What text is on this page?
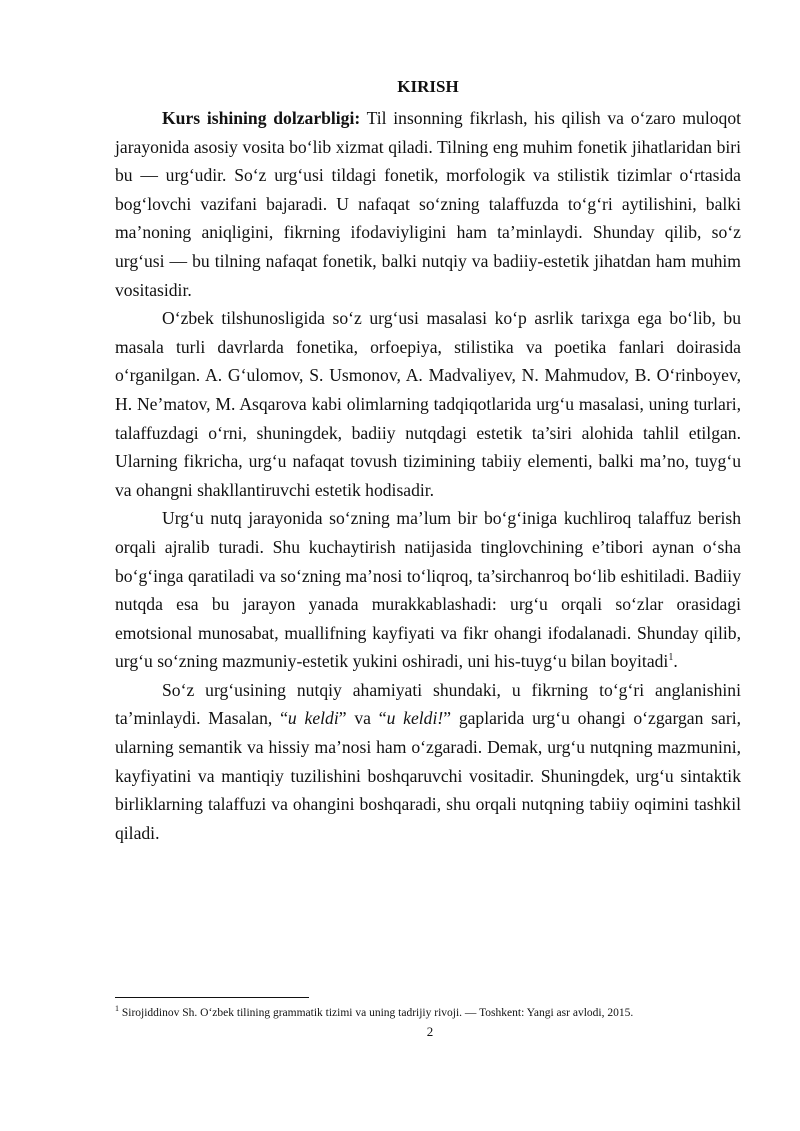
KIRISH

Kurs ishining dolzarbligi: Til insonning fikrlash, his qilish va o‘zaro muloqot jarayonida asosiy vosita bo‘lib xizmat qiladi. Tilning eng muhim fonetik jihatlaridan biri bu — urg‘udir. So‘z urg‘usi tildagi fonetik, morfologik va stilistik tizimlar o‘rtasida bog‘lovchi vazifani bajaradi. U nafaqat so‘zning talaffuzda to‘g‘ri aytilishini, balki ma’noning aniqligini, fikrning ifodaviyligini ham ta’minlaydi. Shunday qilib, so‘z urg‘usi — bu tilning nafaqat fonetik, balki nutqiy va badiiy-estetik jihatdan ham muhim vositasidir.

O‘zbek tilshunosligida so‘z urg‘usi masalasi ko‘p asrlik tarixga ega bo‘lib, bu masala turli davrlarda fonetika, orfoepiya, stilistika va poetika fanlari doirasida o‘rganilgan. A. G‘ulomov, S. Usmonov, A. Madvaliyev, N. Mahmudov, B. O‘rinboyev, H. Ne’matov, M. Asqarova kabi olimlarning tadqiqotlarida urg‘u masalasi, uning turlari, talaffuzdagi o‘rni, shuningdek, badiiy nutqdagi estetik ta’siri alohida tahlil etilgan. Ularning fikricha, urg‘u nafaqat tovush tizimining tabiiy elementi, balki ma’no, tuyg‘u va ohangni shakllantiruvchi estetik hodisadir.

Urg‘u nutq jarayonida so‘zning ma’lum bir bo‘g‘iniga kuchliroq talaffuz berish orqali ajralib turadi. Shu kuchaytirish natijasida tinglovchining e’tibori aynan o‘sha bo‘g‘inga qaratiladi va so‘zning ma’nosi to‘liqroq, ta’sirchanroq bo‘lib eshitiladi. Badiiy nutqda esa bu jarayon yanada murakkablashadi: urg‘u orqali so‘zlar orasidagi emotsional munosabat, muallifning kayfiyati va fikr ohangi ifodalanadi. Shunday qilib, urg‘u so‘zning mazmuniy-estetik yukini oshiradi, uni his-tuyg‘u bilan boyitadi$^1$.

So‘z urg‘usining nutqiy ahamiyati shundaki, u fikrning to‘g‘ri anglanishini ta’minlaydi. Masalan, “u keldi” va “u keldi!” gaplarida urg‘u ohangi o‘zgargan sari, ularning semantik va hissiy ma’nosi ham o‘zgaradi. Demak, urg‘u nutqning mazmunini, kayfiyatini va mantiqiy tuzilishini boshqaruvchi vositadir. Shuningdek, urg‘u sintaktik birliklarning talaffuzi va ohangini boshqaradi, shu orqali nutqning tabiiy oqimini tashkil qiladi.

$^1$ Sirojiddinov Sh. O‘zbek tilining grammatik tizimi va uning tadrijiy rivoji. — Toshkent: Yangi asr avlodi, 2015.
2
